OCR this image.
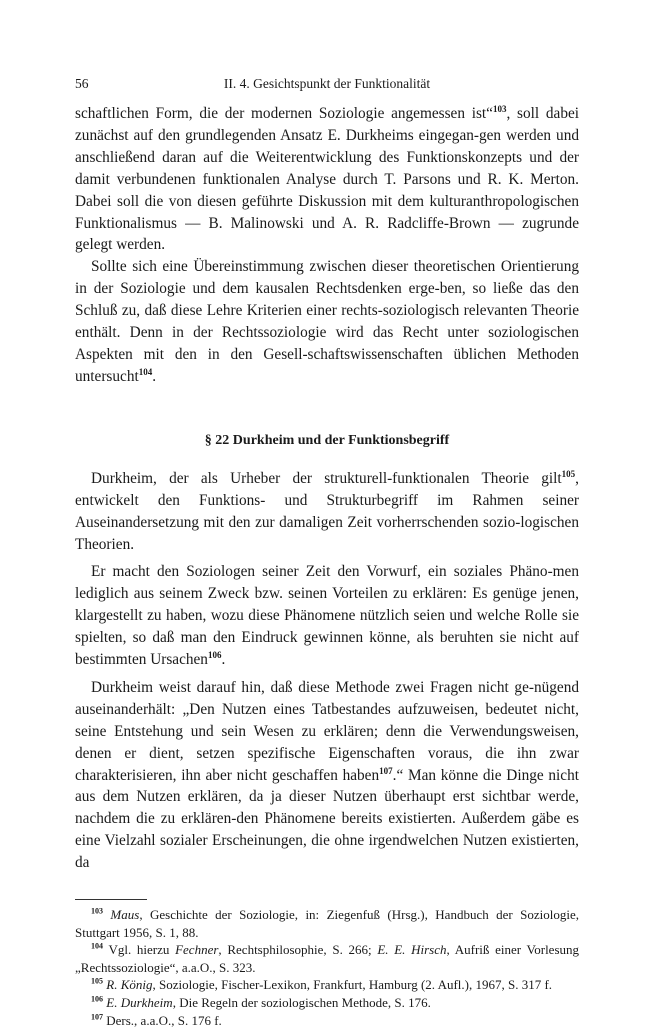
56	II. 4. Gesichtspunkt der Funktionalität

schaftlichen Form, die der modernen Soziologie angemessen ist“$^{103}$, soll dabei zunächst auf den grundlegenden Ansatz E. Durkheims eingegan-gen werden und anschließend daran auf die Weiterentwicklung des Funktionskonzepts und der damit verbundenen funktionalen Analyse durch T. Parsons und R. K. Merton. Dabei soll die von diesen geführte Diskussion mit dem kulturanthropologischen Funktionalismus — B. Malinowski und A. R. Radcliffe-Brown — zugrunde gelegt werden.

Sollte sich eine Übereinstimmung zwischen dieser theoretischen Orientierung in der Soziologie und dem kausalen Rechtsdenken erge-ben, so ließe das den Schluß zu, daß diese Lehre Kriterien einer rechts-soziologisch relevanten Theorie enthält. Denn in der Rechtssoziologie wird das Recht unter soziologischen Aspekten mit den in den Gesell-schaftswissenschaften üblichen Methoden untersucht$^{104}$.

§ 22 Durkheim und der Funktionsbegriff

Durkheim, der als Urheber der strukturell-funktionalen Theorie gilt$^{105}$, entwickelt den Funktions- und Strukturbegriff im Rahmen seiner Auseinandersetzung mit den zur damaligen Zeit vorherrschenden sozio-logischen Theorien.

Er macht den Soziologen seiner Zeit den Vorwurf, ein soziales Phäno-men lediglich aus seinem Zweck bzw. seinen Vorteilen zu erklären: Es genüge jenen, klargestellt zu haben, wozu diese Phänomene nützlich seien und welche Rolle sie spielten, so daß man den Eindruck gewinnen könne, als beruhten sie nicht auf bestimmten Ursachen$^{106}$.

Durkheim weist darauf hin, daß diese Methode zwei Fragen nicht ge-nügend auseinanderhält: „Den Nutzen eines Tatbestandes aufzuweisen, bedeutet nicht, seine Entstehung und sein Wesen zu erklären; denn die Verwendungsweisen, denen er dient, setzen spezifische Eigenschaften voraus, die ihn zwar charakterisieren, ihn aber nicht geschaffen haben$^{107}$.“ Man könne die Dinge nicht aus dem Nutzen erklären, da ja dieser Nutzen überhaupt erst sichtbar werde, nachdem die zu erklären-den Phänomene bereits existierten. Außerdem gäbe es eine Vielzahl sozialer Erscheinungen, die ohne irgendwelchen Nutzen existierten, da

$^{103}$ Maus, Geschichte der Soziologie, in: Ziegenfuß (Hrsg.), Handbuch der Soziologie, Stuttgart 1956, S. 1, 88.

$^{104}$ Vgl. hierzu Fechner, Rechtsphilosophie, S. 266; E. E. Hirsch, Aufriß einer Vorlesung „Rechtssoziologie“, a.a.O., S. 323.

$^{105}$ R. König, Soziologie, Fischer-Lexikon, Frankfurt, Hamburg (2. Aufl.), 1967, S. 317 f.

$^{106}$ E. Durkheim, Die Regeln der soziologischen Methode, S. 176.

$^{107}$ Ders., a.a.O., S. 176 f.
